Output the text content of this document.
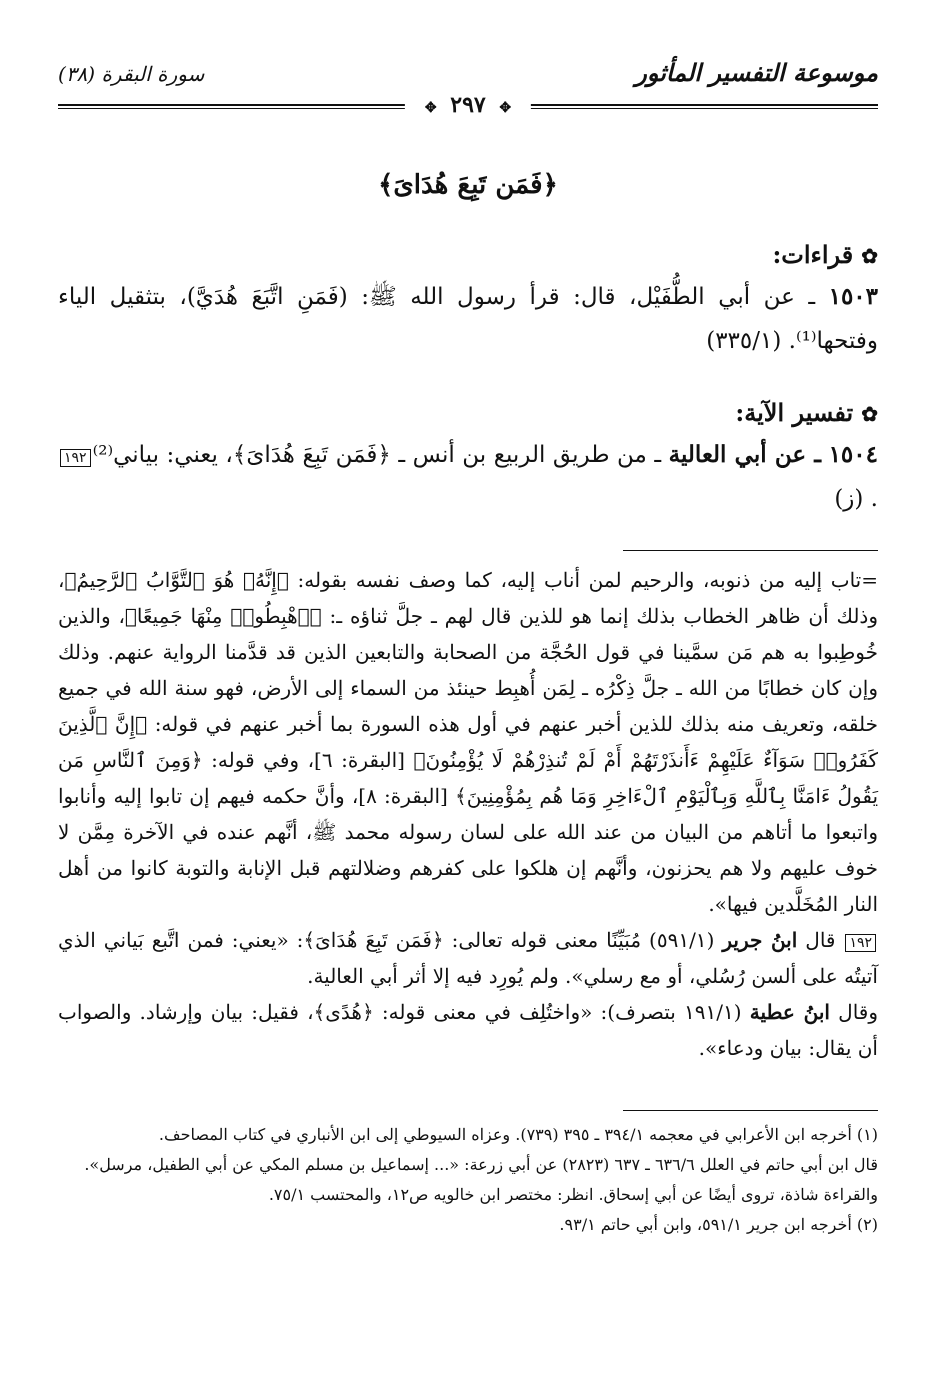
موسوعة التفسير المأثور
سورة البقرة (٣٨)
✥ ٢٩٧ ✥
﴿فَمَن تَبِعَ هُدَاىَ﴾
✿قراءات:

١٥٠٣ ـ عن أبي الطُّفَيْل، قال: قرأ رسول الله ﷺ: (فَمَنِ اتَّبَعَ هُدَيَّ)، بتثقيل الياء وفتحها⁽¹⁾. (٣٣٥/١)

✿تفسير الآية:

١٥٠٤ ـ عن أبي العالية ـ من طريق الربيع بن أنس ـ ﴿فَمَن تَبِعَ هُدَاىَ﴾، يعني: بياني⁽²⁾١٩٢. (ز)

=تاب إليه من ذنوبه، والرحيم لمن أناب إليه، كما وصف نفسه بقوله: ﴿إِنَّهُۥ هُوَ ٱلتَّوَّابُ ٱلرَّحِيمُ﴾، وذلك أن ظاهر الخطاب بذلك إنما هو للذين قال لهم ـ جلَّ ثناؤه ـ: ﴿ٱهْبِطُوا۟ مِنْهَا جَمِيعًا﴾، والذين خُوطِبوا به هم مَن سمَّينا في قول الحُجَّة من الصحابة والتابعين الذين قد قدَّمنا الرواية عنهم. وذلك وإن كان خطابًا من الله ـ جلَّ ذِكْرُه ـ لِمَن أُهبِط حينئذ من السماء إلى الأرض، فهو سنة الله في جميع خلقه، وتعريف منه بذلك للذين أخبر عنهم في أول هذه السورة بما أخبر عنهم في قوله: ﴿إِنَّ ٱلَّذِينَ كَفَرُوا۟ سَوَآءٌ عَلَيْهِمْ ءَأَنذَرْتَهُمْ أَمْ لَمْ تُنذِرْهُمْ لَا يُؤْمِنُونَ﴾ [البقرة: ٦]، وفي قوله: ﴿وَمِنَ ٱلنَّاسِ مَن يَقُولُ ءَامَنَّا بِٱللَّهِ وَبِٱلْيَوْمِ ٱلْءَاخِرِ وَمَا هُم بِمُؤْمِنِينَ﴾ [البقرة: ٨]، وأنَّ حكمه فيهم إن تابوا إليه وأنابوا واتبعوا ما أتاهم من البيان من عند الله على لسان رسوله محمد ﷺ، أنَّهم عنده في الآخرة مِمَّن لا خوف عليهم ولا هم يحزنون، وأنَّهم إن هلكوا على كفرهم وضلالتهم قبل الإنابة والتوبة كانوا من أهل النار المُخَلَّدين فيها».

١٩٢ قال ابنُ جرير (٥٩١/١) مُبَيِّنًا معنى قوله تعالى: ﴿فَمَن تَبِعَ هُدَاىَ﴾: «يعني: فمن اتَّبع بَياني الذي آتيتُه على ألسن رُسُلي، أو مع رسلي». ولم يُورِد فيه إلا أثر أبي العالية.

وقال ابنُ عطية (١٩١/١ بتصرف): «واختُلِف في معنى قوله: ﴿هُدًى﴾، فقيل: بيان وإرشاد. والصواب أن يقال: بيان ودعاء».

(١) أخرجه ابن الأعرابي في معجمه ٣٩٤/١ ـ ٣٩٥ (٧٣٩). وعزاه السيوطي إلى ابن الأنباري في كتاب المصاحف.

قال ابن أبي حاتم في العلل ٦٣٦/٦ ـ ٦٣٧ (٢٨٢٣) عن أبي زرعة: «... إسماعيل بن مسلم المكي عن أبي الطفيل، مرسل».

والقراءة شاذة، تروى أيضًا عن أبي إسحاق. انظر: مختصر ابن خالويه ص١٢، والمحتسب ٧٥/١.

(٢) أخرجه ابن جرير ٥٩١/١، وابن أبي حاتم ٩٣/١.
